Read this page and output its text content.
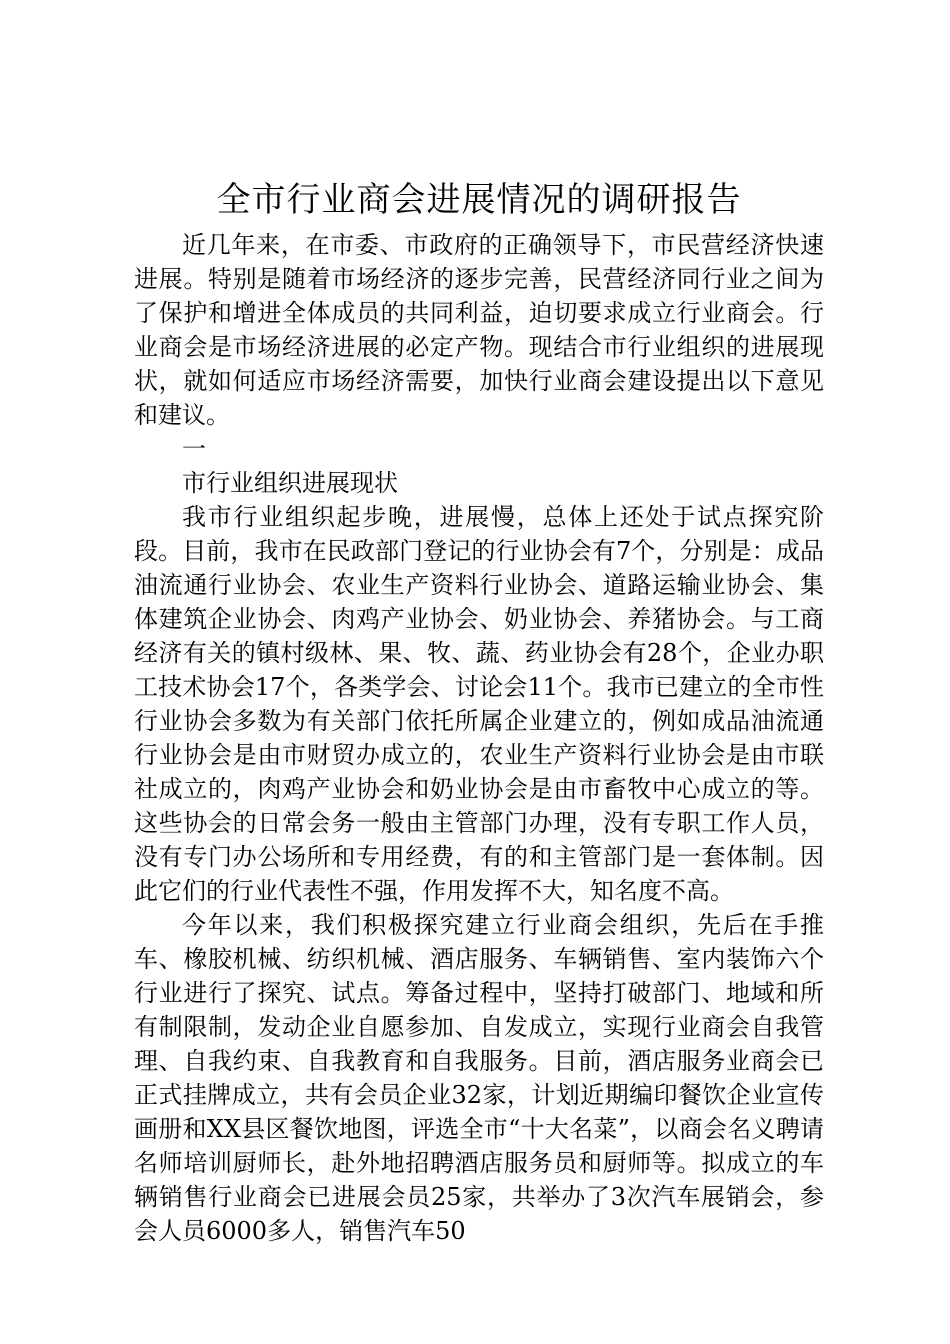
全市行业商会进展情况的调研报告

近几年来，在市委、市政府的正确领导下，市民营经济快速进展。特别是随着市场经济的逐步完善，民营经济同行业之间为了保护和增进全体成员的共同利益，迫切要求成立行业商会。行业商会是市场经济进展的必定产物。现结合市行业组织的进展现状，就如何适应市场经济需要，加快行业商会建设提出以下意见和建议。

一

市行业组织进展现状

我市行业组织起步晚，进展慢，总体上还处于试点探究阶段。目前，我市在民政部门登记的行业协会有7个，分别是：成品油流通行业协会、农业生产资料行业协会、道路运输业协会、集体建筑企业协会、肉鸡产业协会、奶业协会、养猪协会。与工商经济有关的镇村级林、果、牧、蔬、药业协会有28个，企业办职工技术协会17个，各类学会、讨论会11个。我市已建立的全市性行业协会多数为有关部门依托所属企业建立的，例如成品油流通行业协会是由市财贸办成立的，农业生产资料行业协会是由市联社成立的，肉鸡产业协会和奶业协会是由市畜牧中心成立的等。这些协会的日常会务一般由主管部门办理，没有专职工作人员，没有专门办公场所和专用经费，有的和主管部门是一套体制。因此它们的行业代表性不强，作用发挥不大，知名度不高。

今年以来，我们积极探究建立行业商会组织，先后在手推车、橡胶机械、纺织机械、酒店服务、车辆销售、室内装饰六个行业进行了探究、试点。筹备过程中，坚持打破部门、地域和所有制限制，发动企业自愿参加、自发成立，实现行业商会自我管理、自我约束、自我教育和自我服务。目前，酒店服务业商会已正式挂牌成立，共有会员企业32家，计划近期编印餐饮企业宣传画册和XX县区餐饮地图，评选全市“十大名菜”，以商会名义聘请名师培训厨师长，赴外地招聘酒店服务员和厨师等。拟成立的车辆销售行业商会已进展会员25家，共举办了3次汽车展销会，参会人员6000多人，销售汽车50
